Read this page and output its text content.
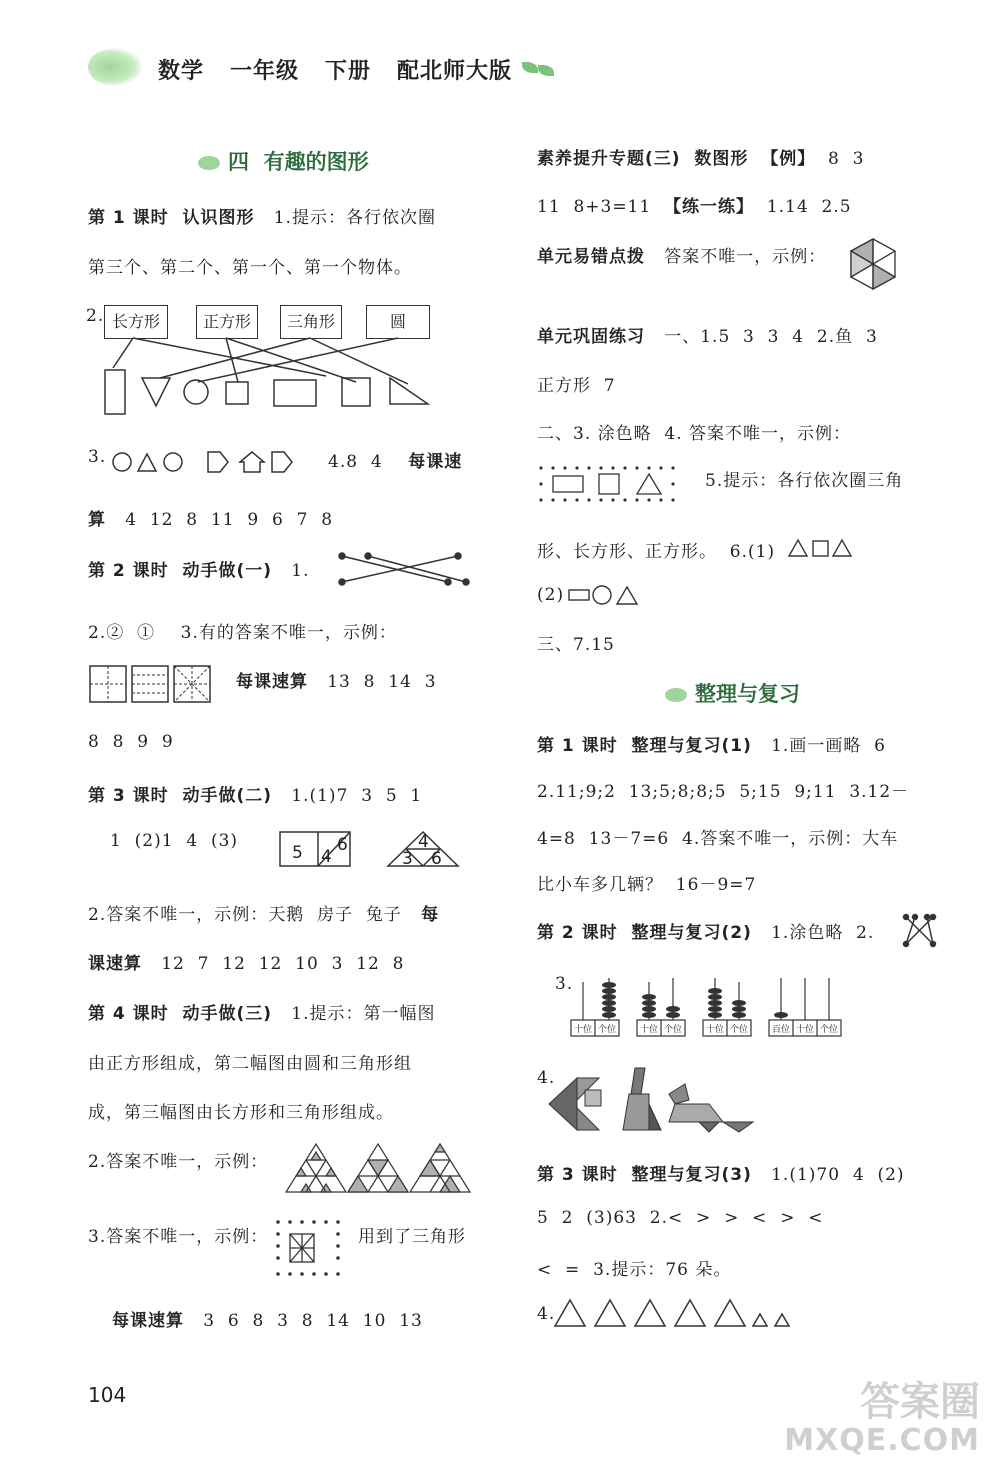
数学 一年级 下册 配北师大版
四  有趣的图形
第 1 课时  认识图形 1.提示：各行依次圈
第三个、第二个、第一个、第一个物体。
2. 长方形	正方形	三角形	圆
3.	4.8  4 每课速
算 4  12  8  11  9  6  7  8
第 2 课时  动手做(一) 1.
2.②  ① 3.有的答案不唯一，示例：
每课速算 13  8  14  3
8  8  9  9
第 3 课时  动手做(二) 1.(1)7  3  5  1
1  (2)1  4  (3)
5 4
6	4
3 6
2.答案不唯一，示例：天鹅  房子  兔子 每
课速算 12  7  12  12  10  3  12  8
第 4 课时  动手做(三) 1.提示：第一幅图
由正方形组成，第二幅图由圆和三角形组
成，第三幅图由长方形和三角形组成。
2.答案不唯一，示例：
3.答案不唯一，示例：	用到了三角形
每课速算 3  6  8  3  8  14  10  13
素养提升专题(三)  数图形 【例】 8  3
11  8+3=11 【练一练】 1.14  2.5
单元易错点拨 答案不唯一，示例：
单元巩固练习 一、1.5  3  3  4  2.鱼  3
正方形  7
二、3. 涂色略  4. 答案不唯一，示例：
5.提示：各行依次圈三角
形、长方形、正方形。  6.(1)
(2)
三、7.15
整理与复习
第 1 课时  整理与复习(1) 1.画一画略  6
2.11;9;2  13;5;8;8;5  5;15  9;11  3.12－
4=8  13－7=6  4.答案不唯一，示例：大车
比小车多几辆？  16－9=7
第 2 课时  整理与复习(2) 1.涂色略  2.
3.
十位 个位	十位 个位	十位 个位	百位 十位 个位
4.
第 3 课时  整理与复习(3) 1.(1)70  4  (2)
5  2  (3)63  2.<  >  >  <  >  <
<  =  3.提示：76 朵。
4.
104	答案圈
MXQE.COM
